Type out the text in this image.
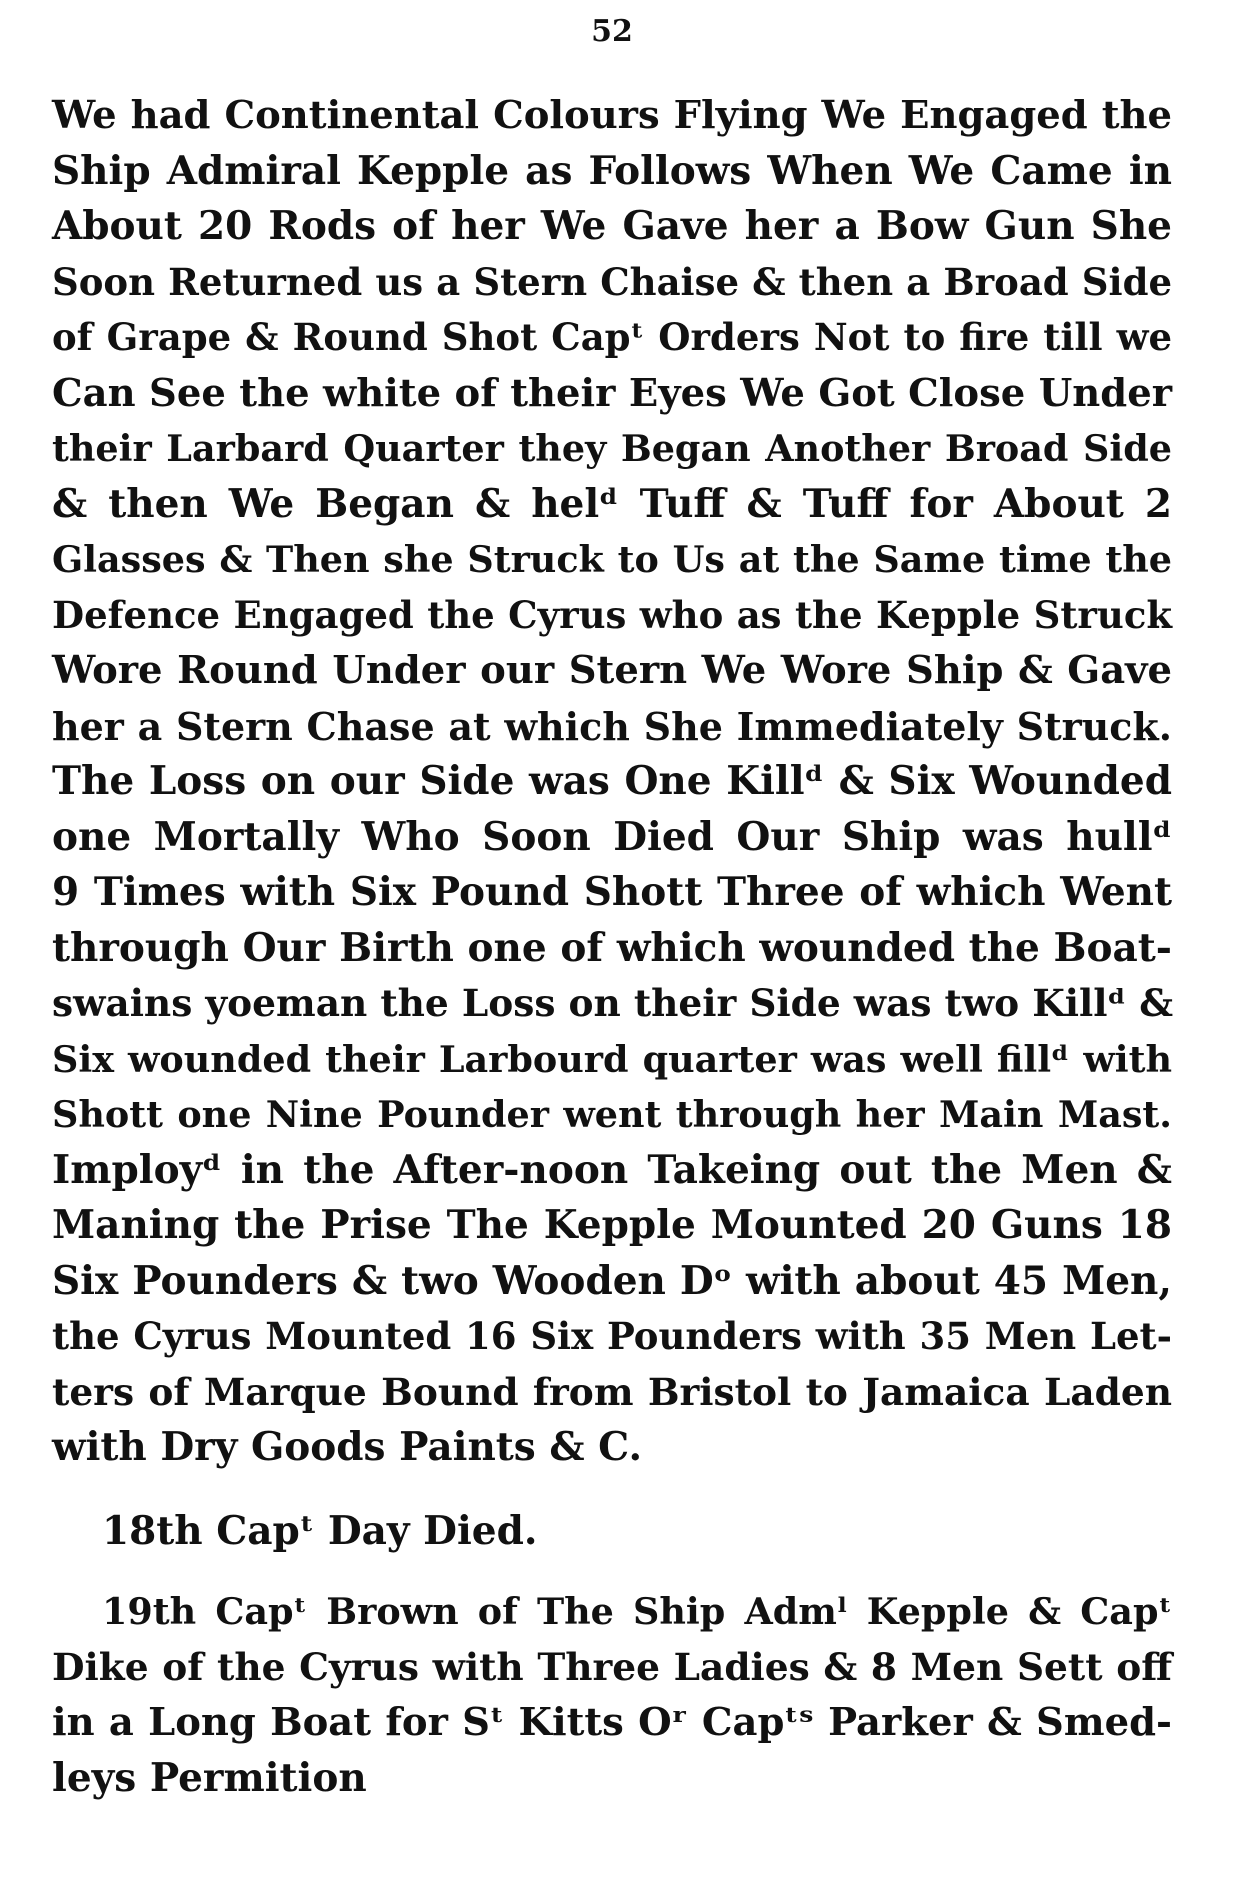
52
We had Continental Colours Flying We Engaged the
Ship Admiral Kepple as Follows When We Came in
About 20 Rods of her We Gave her a Bow Gun She
Soon Returned us a Stern Chaise & then a Broad Side
of Grape & Round Shot Capᵗ Orders Not to fire till we
Can See the white of their Eyes We Got Close Under
their Larbard Quarter they Began Another Broad Side
& then We Began & helᵈ Tuff & Tuff for About 2
Glasses & Then she Struck to Us at the Same time the
Defence Engaged the Cyrus who as the Kepple Struck
Wore Round Under our Stern We Wore Ship & Gave
her a Stern Chase at which She Immediately Struck.
The Loss on our Side was One Killᵈ & Six Wounded
one Mortally Who Soon Died Our Ship was hullᵈ
9 Times with Six Pound Shott Three of which Went
through Our Birth one of which wounded the Boat-
swains yoeman the Loss on their Side was two Killᵈ &
Six wounded their Larbourd quarter was well fillᵈ with
Shott one Nine Pounder went through her Main Mast.
Imployᵈ in the After-noon Takeing out the Men &
Maning the Prise The Kepple Mounted 20 Guns 18
Six Pounders & two Wooden Dᵒ with about 45 Men,
the Cyrus Mounted 16 Six Pounders with 35 Men Let-
ters of Marque Bound from Bristol to Jamaica Laden
with Dry Goods Paints & C.
18th Capᵗ Day Died.
19th Capᵗ Brown of The Ship Admˡ Kepple & Capᵗ
Dike of the Cyrus with Three Ladies & 8 Men Sett off
in a Long Boat for Sᵗ Kitts Oʳ Capᵗˢ Parker & Smed-
leys Permition
